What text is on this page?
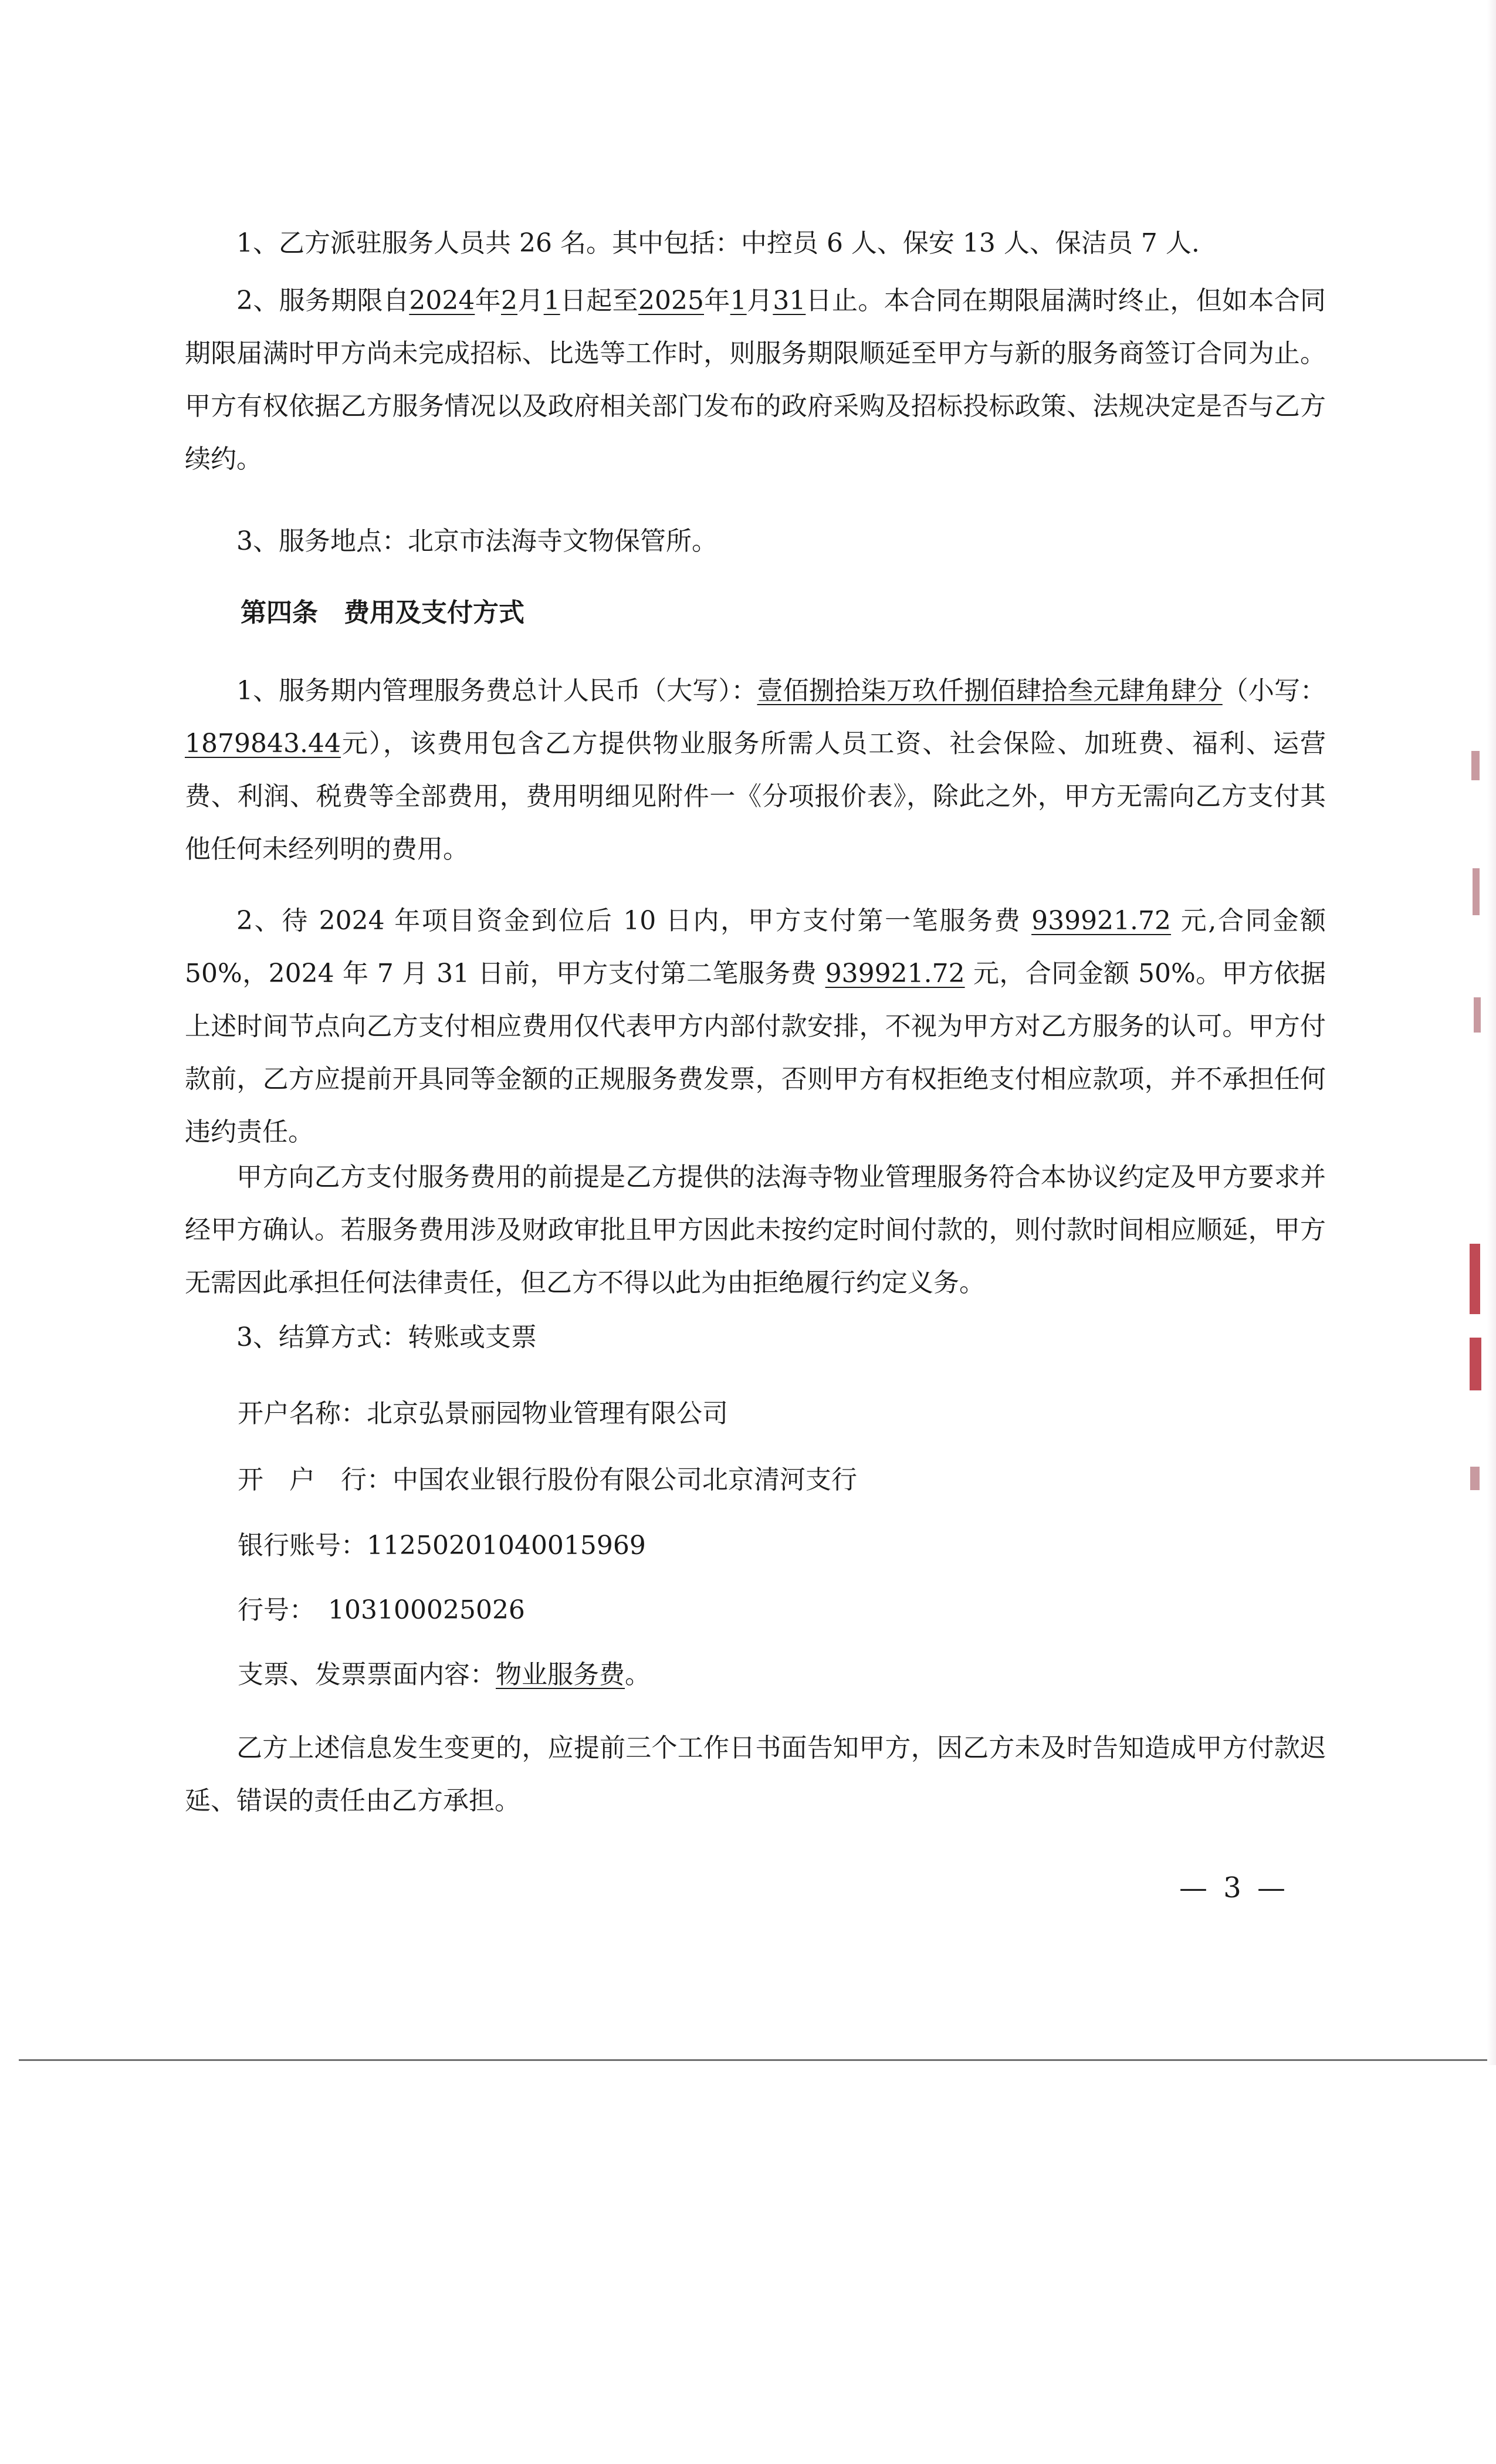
1、乙方派驻服务人员共 26 名。其中包括：中控员 6 人、保安 13 人、保洁员 7 人.

2、服务期限自2024年2月1日起至2025年1月31日止。本合同在期限届满时终止，但如本合同期限届满时甲方尚未完成招标、比选等工作时，则服务期限顺延至甲方与新的服务商签订合同为止。甲方有权依据乙方服务情况以及政府相关部门发布的政府采购及招标投标政策、法规决定是否与乙方续约。

3、服务地点：北京市法海寺文物保管所。

第四条　费用及支付方式

1、服务期内管理服务费总计人民币（大写）：壹佰捌拾柒万玖仟捌佰肆拾叁元肆角肆分（小写：1879843.44元），该费用包含乙方提供物业服务所需人员工资、社会保险、加班费、福利、运营费、利润、税费等全部费用，费用明细见附件一《分项报价表》，除此之外，甲方无需向乙方支付其他任何未经列明的费用。

2、待 2024 年项目资金到位后 10 日内，甲方支付第一笔服务费 939921.72 元,合同金额 50%，2024 年 7 月 31 日前，甲方支付第二笔服务费 939921.72 元，合同金额 50%。甲方依据上述时间节点向乙方支付相应费用仅代表甲方内部付款安排，不视为甲方对乙方服务的认可。甲方付款前，乙方应提前开具同等金额的正规服务费发票，否则甲方有权拒绝支付相应款项，并不承担任何违约责任。

甲方向乙方支付服务费用的前提是乙方提供的法海寺物业管理服务符合本协议约定及甲方要求并经甲方确认。若服务费用涉及财政审批且甲方因此未按约定时间付款的，则付款时间相应顺延，甲方无需因此承担任何法律责任，但乙方不得以此为由拒绝履行约定义务。

3、结算方式：转账或支票

开户名称：北京弘景丽园物业管理有限公司
开　户　行：中国农业银行股份有限公司北京清河支行
银行账号：11250201040015969
行号：　103100025026
支票、发票票面内容：物业服务费。

乙方上述信息发生变更的，应提前三个工作日书面告知甲方，因乙方未及时告知造成甲方付款迟延、错误的责任由乙方承担。

— 3 —
